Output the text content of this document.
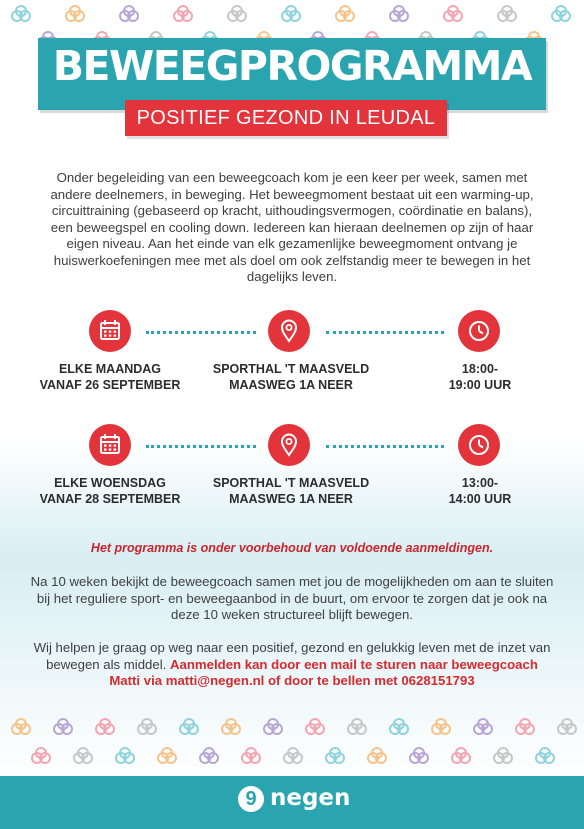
BEWEEGPROGRAMMA
POSITIEF GEZOND IN LEUDAL

Onder begeleiding van een beweegcoach kom je een keer per week, samen met andere deelnemers, in beweging. Het beweegmoment bestaat uit een warming-up, circuittraining (gebaseerd op kracht, uithoudingsvermogen, coördinatie en balans), een beweegspel en cooling down. Iedereen kan hieraan deelnemen op zijn of haar eigen niveau. Aan het einde van elk gezamenlijke beweegmoment ontvang je huiswerkoefeningen mee met als doel om ook zelfstandig meer te bewegen in het dagelijks leven.

ELKE MAANDAG
VANAF 26 SEPTEMBER
SPORTHAL 'T MAASVELD
MAASWEG 1A NEER
18:00-
19:00 UUR
ELKE WOENSDAG
VANAF 28 SEPTEMBER
SPORTHAL 'T MAASVELD
MAASWEG 1A NEER
13:00-
14:00 UUR

Het programma is onder voorbehoud van voldoende aanmeldingen.

Na 10 weken bekijkt de beweegcoach samen met jou de mogelijkheden om aan te sluiten bij het reguliere sport- en beweegaanbod in de buurt, om ervoor te zorgen dat je ook na deze 10 weken structureel blijft bewegen.

Wij helpen je graag op weg naar een positief, gezond en gelukkig leven met de inzet van bewegen als middel. Aanmelden kan door een mail te sturen naar beweegcoach Matti via matti@negen.nl of door te bellen met 0628151793

9 negen
